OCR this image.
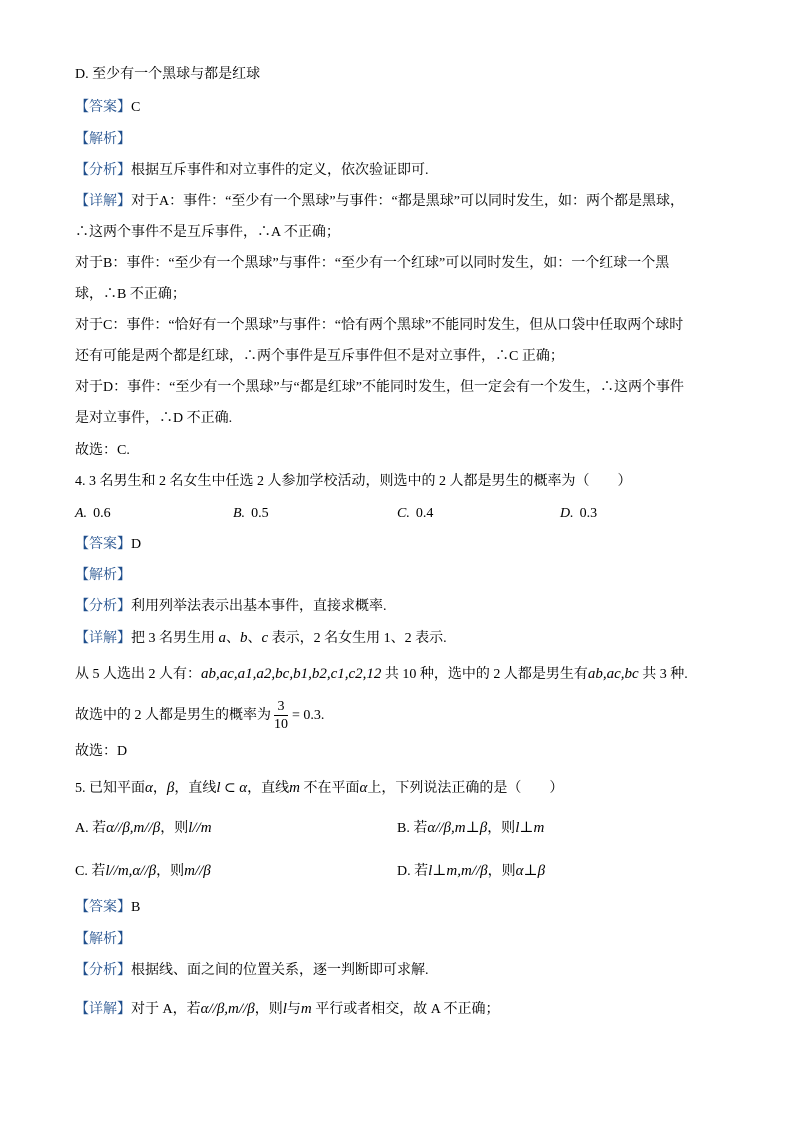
D. 至少有一个黑球与都是红球
【答案】C
【解析】
【分析】根据互斥事件和对立事件的定义，依次验证即可.
【详解】对于A：事件：“至少有一个黑球”与事件：“都是黑球”可以同时发生，如：两个都是黑球，
∴这两个事件不是互斥事件，∴A 不正确；
对于B：事件：“至少有一个黑球”与事件：“至少有一个红球”可以同时发生，如：一个红球一个黑
球，∴B 不正确；
对于C：事件：“恰好有一个黑球”与事件：“恰有两个黑球”不能同时发生，但从口袋中任取两个球时
还有可能是两个都是红球，∴两个事件是互斥事件但不是对立事件，∴C 正确；
对于D：事件：“至少有一个黑球”与“都是红球”不能同时发生，但一定会有一个发生，∴这两个事件
是对立事件，∴D 不正确.
故选：C.
4. 3 名男生和 2 名女生中任选 2 人参加学校活动，则选中的 2 人都是男生的概率为（　　）
A. 0.6	B. 0.5	C. 0.4	D. 0.3
【答案】D
【解析】
【分析】利用列举法表示出基本事件，直接求概率.
【详解】把 3 名男生用 a、b、c 表示，2 名女生用 1、2 表示.
从 5 人选出 2 人有：ab,ac,a1,a2,bc,b1,b2,c1,c2,12 共 10 种，选中的 2 人都是男生有ab,ac,bc 共 3 种.
故选中的 2 人都是男生的概率为 $\frac{3}{10} = 0.3$.
故选：D
5. 已知平面α，β，直线l ⊂ α，直线m 不在平面α上，下列说法正确的是（　　）
A. 若α//β,m//β，则l//m	B. 若α//β,m⊥β，则l⊥m
C. 若l//m,α//β，则m//β	D. 若l⊥m,m//β，则α⊥β
【答案】B
【解析】
【分析】根据线、面之间的位置关系，逐一判断即可求解.
【详解】对于 A，若α//β,m//β，则l与m 平行或者相交，故 A 不正确；
